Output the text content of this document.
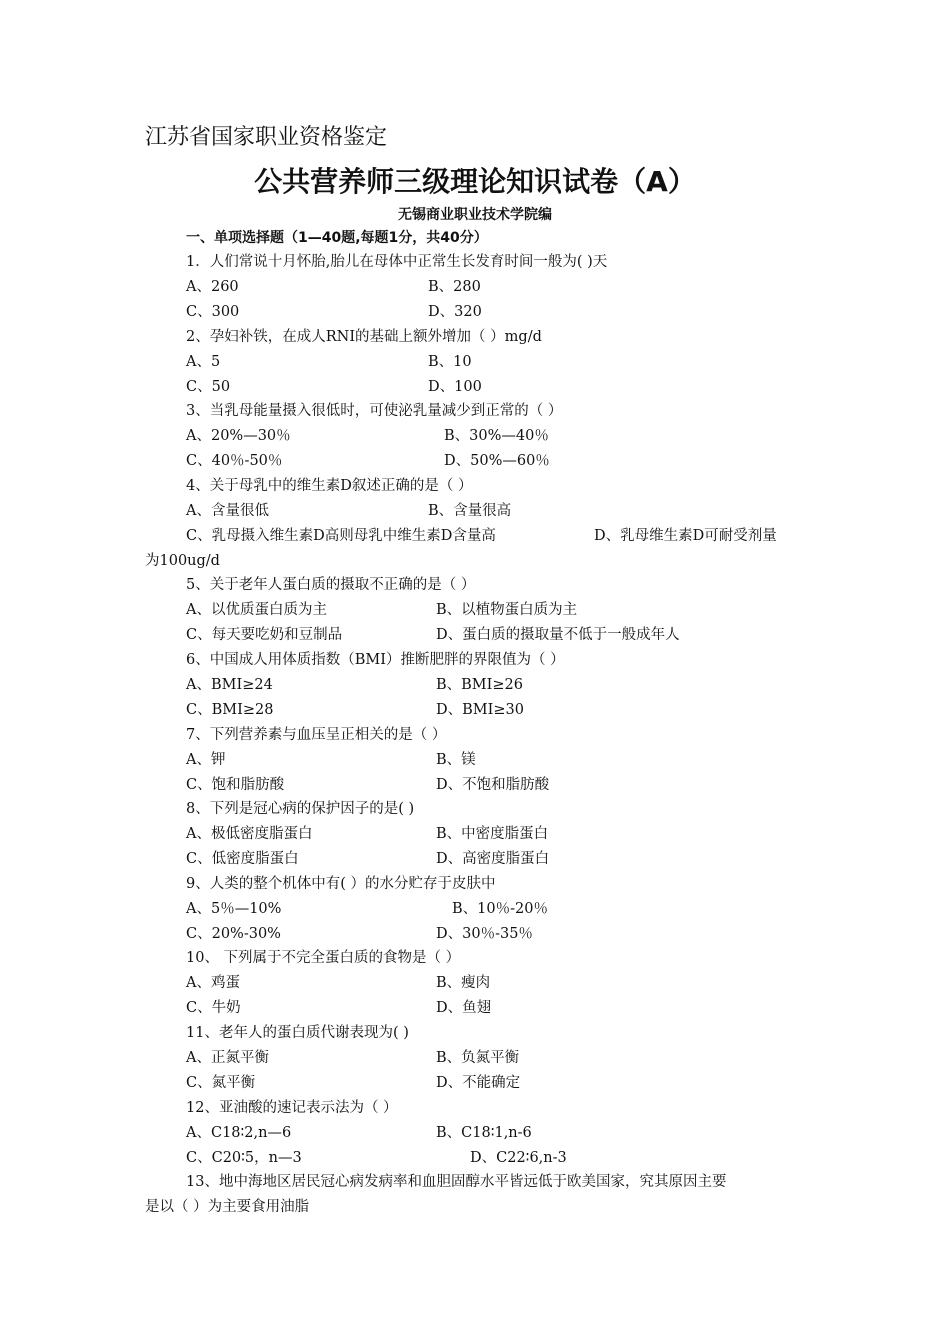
江苏省国家职业资格鉴定
公共营养师三级理论知识试卷（A）
无锡商业职业技术学院编
一、单项选择题（1—40题,每题1分，共40分）
1．人们常说十月怀胎,胎儿在母体中正常生长发育时间一般为( )天
A、260	B、280
C、300	D、320
2、孕妇补铁，在成人RNI的基础上额外增加（ ）mg/d
A、5	B、10
C、50	D、100
3、当乳母能量摄入很低时，可使泌乳量减少到正常的（ ）
A、20%—30％	B、30%—40％
C、40％-50％	D、50%—60％
4、关于母乳中的维生素D叙述正确的是（ ）
A、含量很低	B、含量很高
C、乳母摄入维生素D高则母乳中维生素D含量高	D、乳母维生素D可耐受剂量
为100ug/d
5、关于老年人蛋白质的摄取不正确的是（ ）
A、以优质蛋白质为主	B、以植物蛋白质为主
C、每天要吃奶和豆制品	D、蛋白质的摄取量不低于一般成年人
6、中国成人用体质指数（BMI）推断肥胖的界限值为（ ）
A、BMI≥24	B、BMI≥26
C、BMI≥28	D、BMI≥30
7、下列营养素与血压呈正相关的是（ ）
A、钾	B、镁
C、饱和脂肪酸	D、不饱和脂肪酸
8、下列是冠心病的保护因子的是( )
A、极低密度脂蛋白	B、中密度脂蛋白
C、低密度脂蛋白	D、高密度脂蛋白
9、人类的整个机体中有( ）的水分贮存于皮肤中
A、5％—10%	B、10％-20％
C、20%-30%	D、30％-35％
10、 下列属于不完全蛋白质的食物是（ ）
A、鸡蛋	B、瘦肉
C、牛奶	D、鱼翅
11、老年人的蛋白质代谢表现为( )
A、正氮平衡	B、负氮平衡
C、氮平衡	D、不能确定
12、亚油酸的速记表示法为（ ）
A、C18∶2,n—6	B、C18∶1,n-6
C、C20∶5，n—3	D、C22∶6,n-3
13、地中海地区居民冠心病发病率和血胆固醇水平皆远低于欧美国家，究其原因主要
是以（ ）为主要食用油脂
